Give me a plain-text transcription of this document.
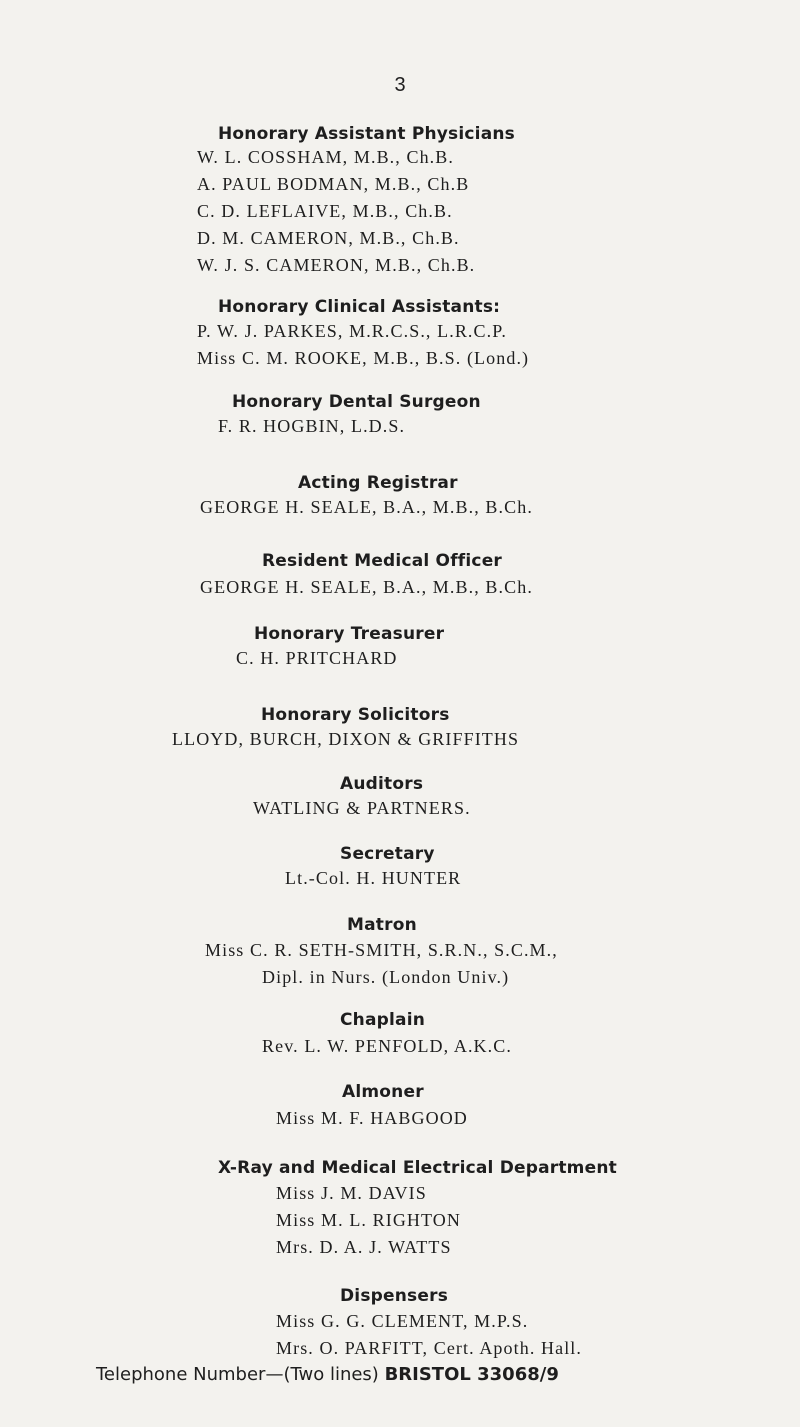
3
Honorary Assistant Physicians
W. L. COSSHAM, M.B., Ch.B.
A. PAUL BODMAN, M.B., Ch.B
C. D. LEFLAIVE, M.B., Ch.B.
D. M. CAMERON, M.B., Ch.B.
W. J. S. CAMERON, M.B., Ch.B.
Honorary Clinical Assistants:
P. W. J. PARKES, M.R.C.S., L.R.C.P.
Miss C. M. ROOKE, M.B., B.S. (Lond.)
Honorary Dental Surgeon
F. R. HOGBIN, L.D.S.
Acting Registrar
GEORGE H. SEALE, B.A., M.B., B.Ch.
Resident Medical Officer
GEORGE H. SEALE, B.A., M.B., B.Ch.
Honorary Treasurer
C. H. PRITCHARD
Honorary Solicitors
LLOYD, BURCH, DIXON & GRIFFITHS
Auditors
WATLING & PARTNERS.
Secretary
Lt.-Col. H. HUNTER
Matron
Miss C. R. SETH-SMITH, S.R.N., S.C.M.,
Dipl. in Nurs. (London Univ.)
Chaplain
Rev. L. W. PENFOLD, A.K.C.
Almoner
Miss M. F. HABGOOD
X-Ray and Medical Electrical Department
Miss J. M. DAVIS
Miss M. L. RIGHTON
Mrs. D. A. J. WATTS
Dispensers
Miss G. G. CLEMENT, M.P.S.
Mrs. O. PARFITT, Cert. Apoth. Hall.
Telephone Number—(Two lines) BRISTOL 33068/9
